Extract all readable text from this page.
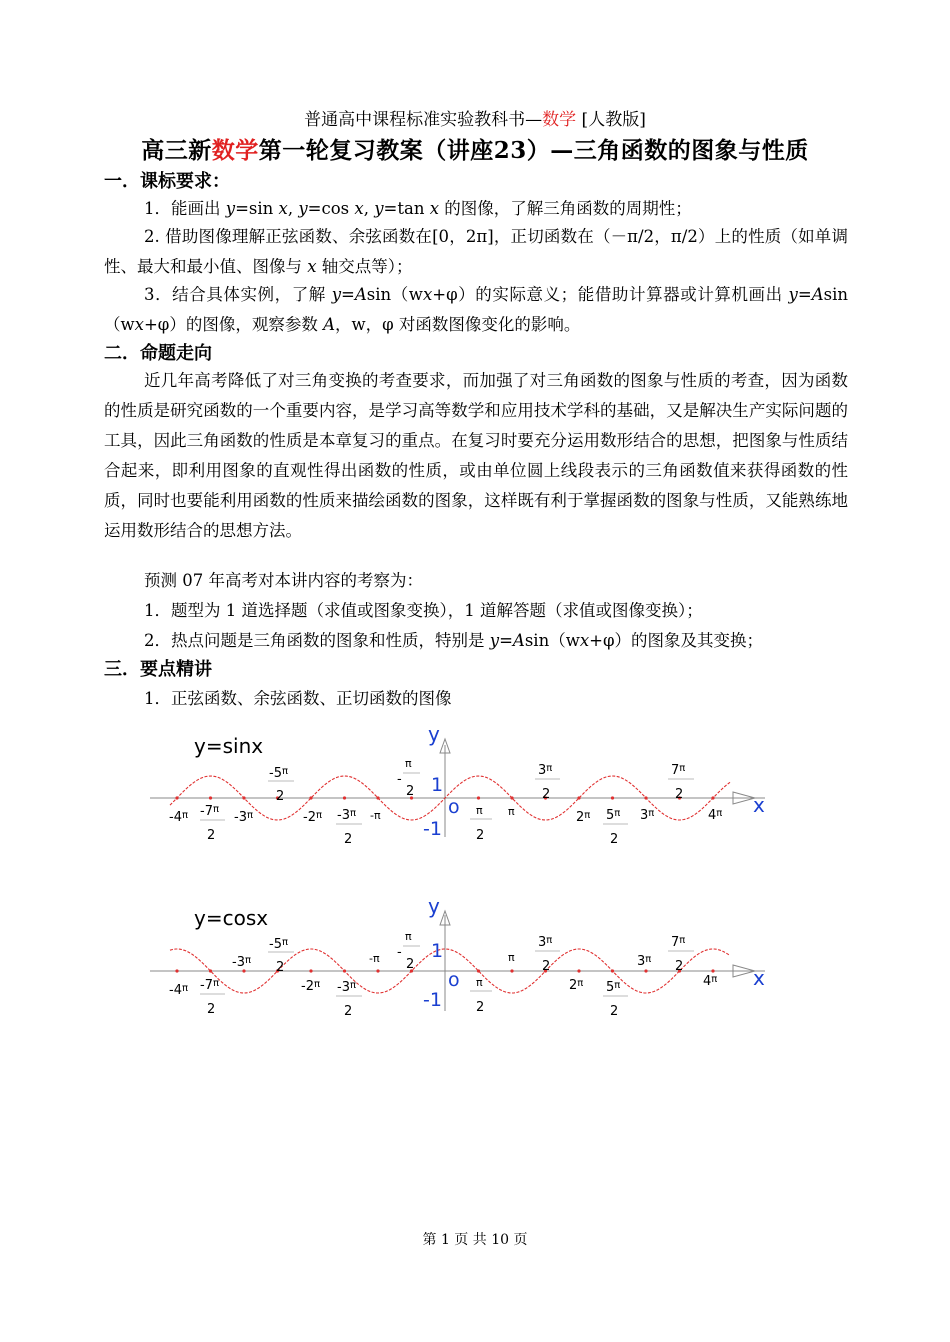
普通高中课程标准实验教科书—数学 [人教版]
高三新数学第一轮复习教案（讲座23）—三角函数的图象与性质
一．课标要求：
1．能画出 y=sin x, y=cos x, y=tan x 的图像，了解三角函数的周期性；
2. 借助图像理解正弦函数、余弦函数在[0，2π]，正切函数在（－π/2，π/2）上的性质（如单调性、最大和最小值、图像与 x 轴交点等）；
3．结合具体实例，了解 y=Asin（wx+φ）的实际意义；能借助计算器或计算机画出 y=Asin（wx+φ）的图像，观察参数 A，w，φ 对函数图像变化的影响。
二．命题走向
近几年高考降低了对三角变换的考查要求，而加强了对三角函数的图象与性质的考查，因为函数的性质是研究函数的一个重要内容，是学习高等数学和应用技术学科的基础，又是解决生产实际问题的工具，因此三角函数的性质是本章复习的重点。在复习时要充分运用数形结合的思想，把图象与性质结合起来，即利用图象的直观性得出函数的性质，或由单位圆上线段表示的三角函数值来获得函数的性质，同时也要能利用函数的性质来描绘函数的图象，这样既有利于掌握函数的图象与性质，又能熟练地运用数形结合的思想方法。
预测 07 年高考对本讲内容的考察为：
1．题型为 1 道选择题（求值或图象变换），1 道解答题（求值或图像变换）；
2．热点问题是三角函数的图象和性质，特别是 y=Asin（wx+φ）的图象及其变换；
三．要点精讲
1．正弦函数、余弦函数、正切函数的图像
y=sinx	y
x
o
1
-1
$-4^\pi$ $-7^\pi$
2
$-3^\pi$
$-5^\pi$
2
$-2^\pi$ $-3^\pi$
2
-π
π
-
2
π
2
π
$3^\pi$
2
$2^\pi$ $5^\pi$
2
$3^\pi$
$7^\pi$
2
$4^\pi$
y=cosx	y
x
o
1
-1
$-4^\pi$ $-7^\pi$
2
$-3^\pi$
$-5^\pi$
2
$-2^\pi$ $-3^\pi$
2
-π
π
-
2
π
2
π
$3^\pi$
2
$2^\pi$ $5^\pi$
2
$3^\pi$
$7^\pi$
2
$4^\pi$
第 1 页 共 10 页
